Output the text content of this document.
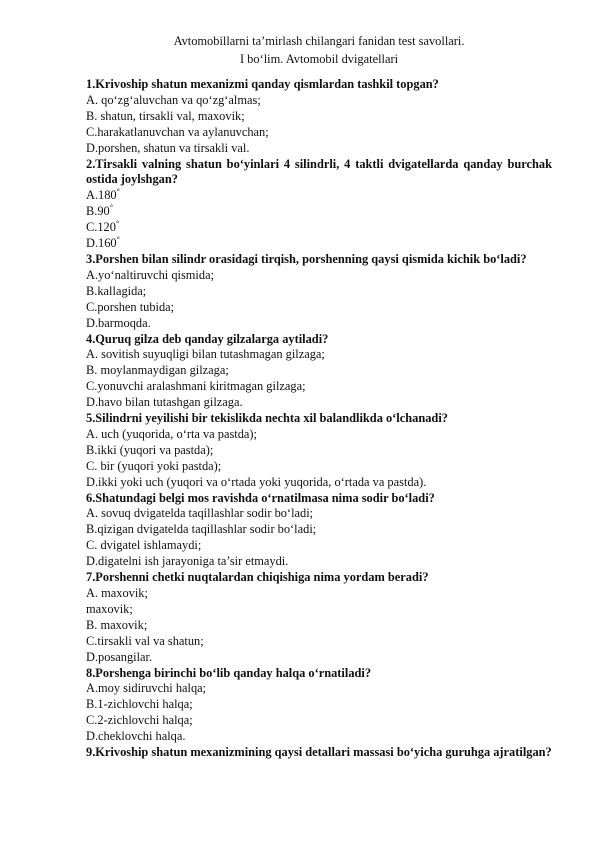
Avtomobillarni ta’mirlash chilangari fanidan test savollari.
I bo‘lim. Avtomobil dvigatellari
1.Krivoship shatun mexanizmi qanday qismlardan tashkil topgan?
A. qo‘zg‘aluvchan va qo‘zg‘almas;
B. shatun, tirsakli val, maxovik;
C.harakatlanuvchan va aylanuvchan;
D.porshen, shatun va tirsakli val.
2.Tirsakli valning shatun bo‘yinlari 4 silindrli, 4 taktli dvigatellarda qanday burchak ostida joylshgan?
A.180°
B.90°
C.120°
D.160°
3.Porshen bilan silindr orasidagi tirqish, porshenning qaysi qismida kichik bo‘ladi?
A.yo‘naltiruvchi qismida;
B.kallagida;
C.porshen tubida;
D.barmoqda.
4.Quruq gilza deb qanday gilzalarga aytiladi?
A. sovitish suyuqligi bilan tutashmagan gilzaga;
B. moylanmaydigan gilzaga;
C.yonuvchi aralashmani kiritmagan gilzaga;
D.havo bilan tutashgan gilzaga.
5.Silindrni yeyilishi bir tekislikda nechta xil balandlikda o‘lchanadi?
A. uch (yuqorida, o‘rta va pastda);
B.ikki (yuqori va pastda);
C. bir (yuqori yoki pastda);
D.ikki yoki uch (yuqori va o‘rtada yoki yuqorida, o‘rtada va pastda).
6.Shatundagi belgi mos ravishda o‘rnatilmasa nima sodir bo‘ladi?
A. sovuq dvigatelda taqillashlar sodir bo‘ladi;
B.qizigan dvigatelda taqillashlar sodir bo‘ladi;
C. dvigatel ishlamaydi;
D.digatelni ish jarayoniga ta’sir etmaydi.
7.Porshenni chetki nuqtalardan chiqishiga nima yordam beradi?
A. maxovik;
maxovik;
B. maxovik;
C.tirsakli val va shatun;
D.posangilar.
8.Porshenga birinchi bo‘lib qanday halqa o‘rnatiladi?
A.moy sidiruvchi halqa;
B.1-zichlovchi halqa;
C.2-zichlovchi halqa;
D.cheklovchi halqa.
9.Krivoship shatun mexanizmining qaysi detallari massasi bo‘yicha guruhga ajratilgan?
